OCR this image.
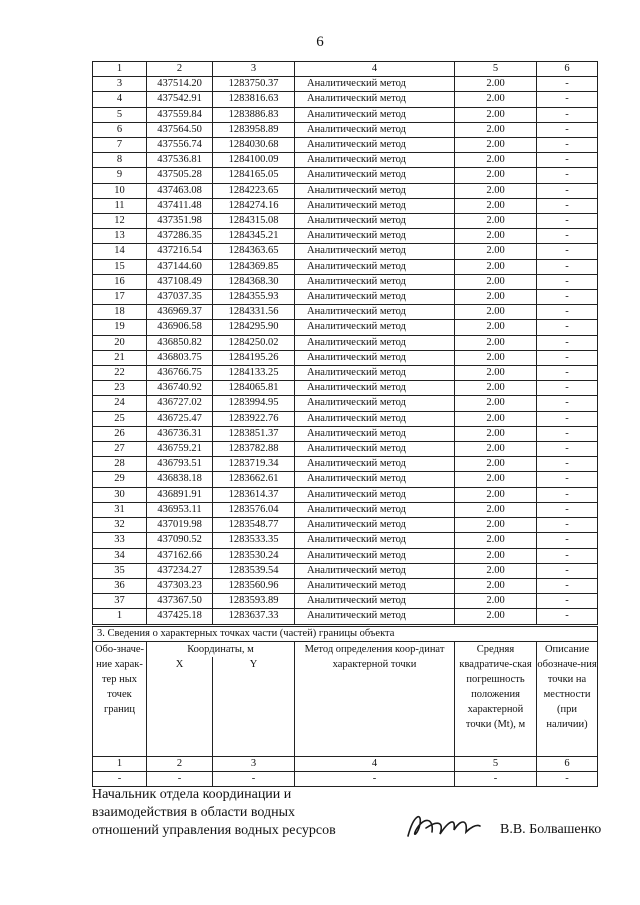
6
1	2	3	4	5	6
3	437514.20	1283750.37	Аналитический метод	2.00	-
4	437542.91	1283816.63	Аналитический метод	2.00	-
5	437559.84	1283886.83	Аналитический метод	2.00	-
6	437564.50	1283958.89	Аналитический метод	2.00	-
7	437556.74	1284030.68	Аналитический метод	2.00	-
8	437536.81	1284100.09	Аналитический метод	2.00	-
9	437505.28	1284165.05	Аналитический метод	2.00	-
10	437463.08	1284223.65	Аналитический метод	2.00	-
11	437411.48	1284274.16	Аналитический метод	2.00	-
12	437351.98	1284315.08	Аналитический метод	2.00	-
13	437286.35	1284345.21	Аналитический метод	2.00	-
14	437216.54	1284363.65	Аналитический метод	2.00	-
15	437144.60	1284369.85	Аналитический метод	2.00	-
16	437108.49	1284368.30	Аналитический метод	2.00	-
17	437037.35	1284355.93	Аналитический метод	2.00	-
18	436969.37	1284331.56	Аналитический метод	2.00	-
19	436906.58	1284295.90	Аналитический метод	2.00	-
20	436850.82	1284250.02	Аналитический метод	2.00	-
21	436803.75	1284195.26	Аналитический метод	2.00	-
22	436766.75	1284133.25	Аналитический метод	2.00	-
23	436740.92	1284065.81	Аналитический метод	2.00	-
24	436727.02	1283994.95	Аналитический метод	2.00	-
25	436725.47	1283922.76	Аналитический метод	2.00	-
26	436736.31	1283851.37	Аналитический метод	2.00	-
27	436759.21	1283782.88	Аналитический метод	2.00	-
28	436793.51	1283719.34	Аналитический метод	2.00	-
29	436838.18	1283662.61	Аналитический метод	2.00	-
30	436891.91	1283614.37	Аналитический метод	2.00	-
31	436953.11	1283576.04	Аналитический метод	2.00	-
32	437019.98	1283548.77	Аналитический метод	2.00	-
33	437090.52	1283533.35	Аналитический метод	2.00	-
34	437162.66	1283530.24	Аналитический метод	2.00	-
35	437234.27	1283539.54	Аналитический метод	2.00	-
36	437303.23	1283560.96	Аналитический метод	2.00	-
37	437367.50	1283593.89	Аналитический метод	2.00	-
1	437425.18	1283637.33	Аналитический метод	2.00	-
3. Сведения о характерных точках части (частей) границы объекта					
Обо-значе-ние харак-тер ных точек границ	Координаты, м		Метод определения коор-динат характерной точки	Средняя квадратиче-ская погрешность положения характерной точки (Mt), м	Описание обозначе-ния точки на местности (при наличии)
	X	Y			
1	2	3	4	5	6
-	-	-	-	-	-
Начальник отдела координации и
взаимодействия в области водных
отношений управления водных ресурсов	В.В. Болвашенко
